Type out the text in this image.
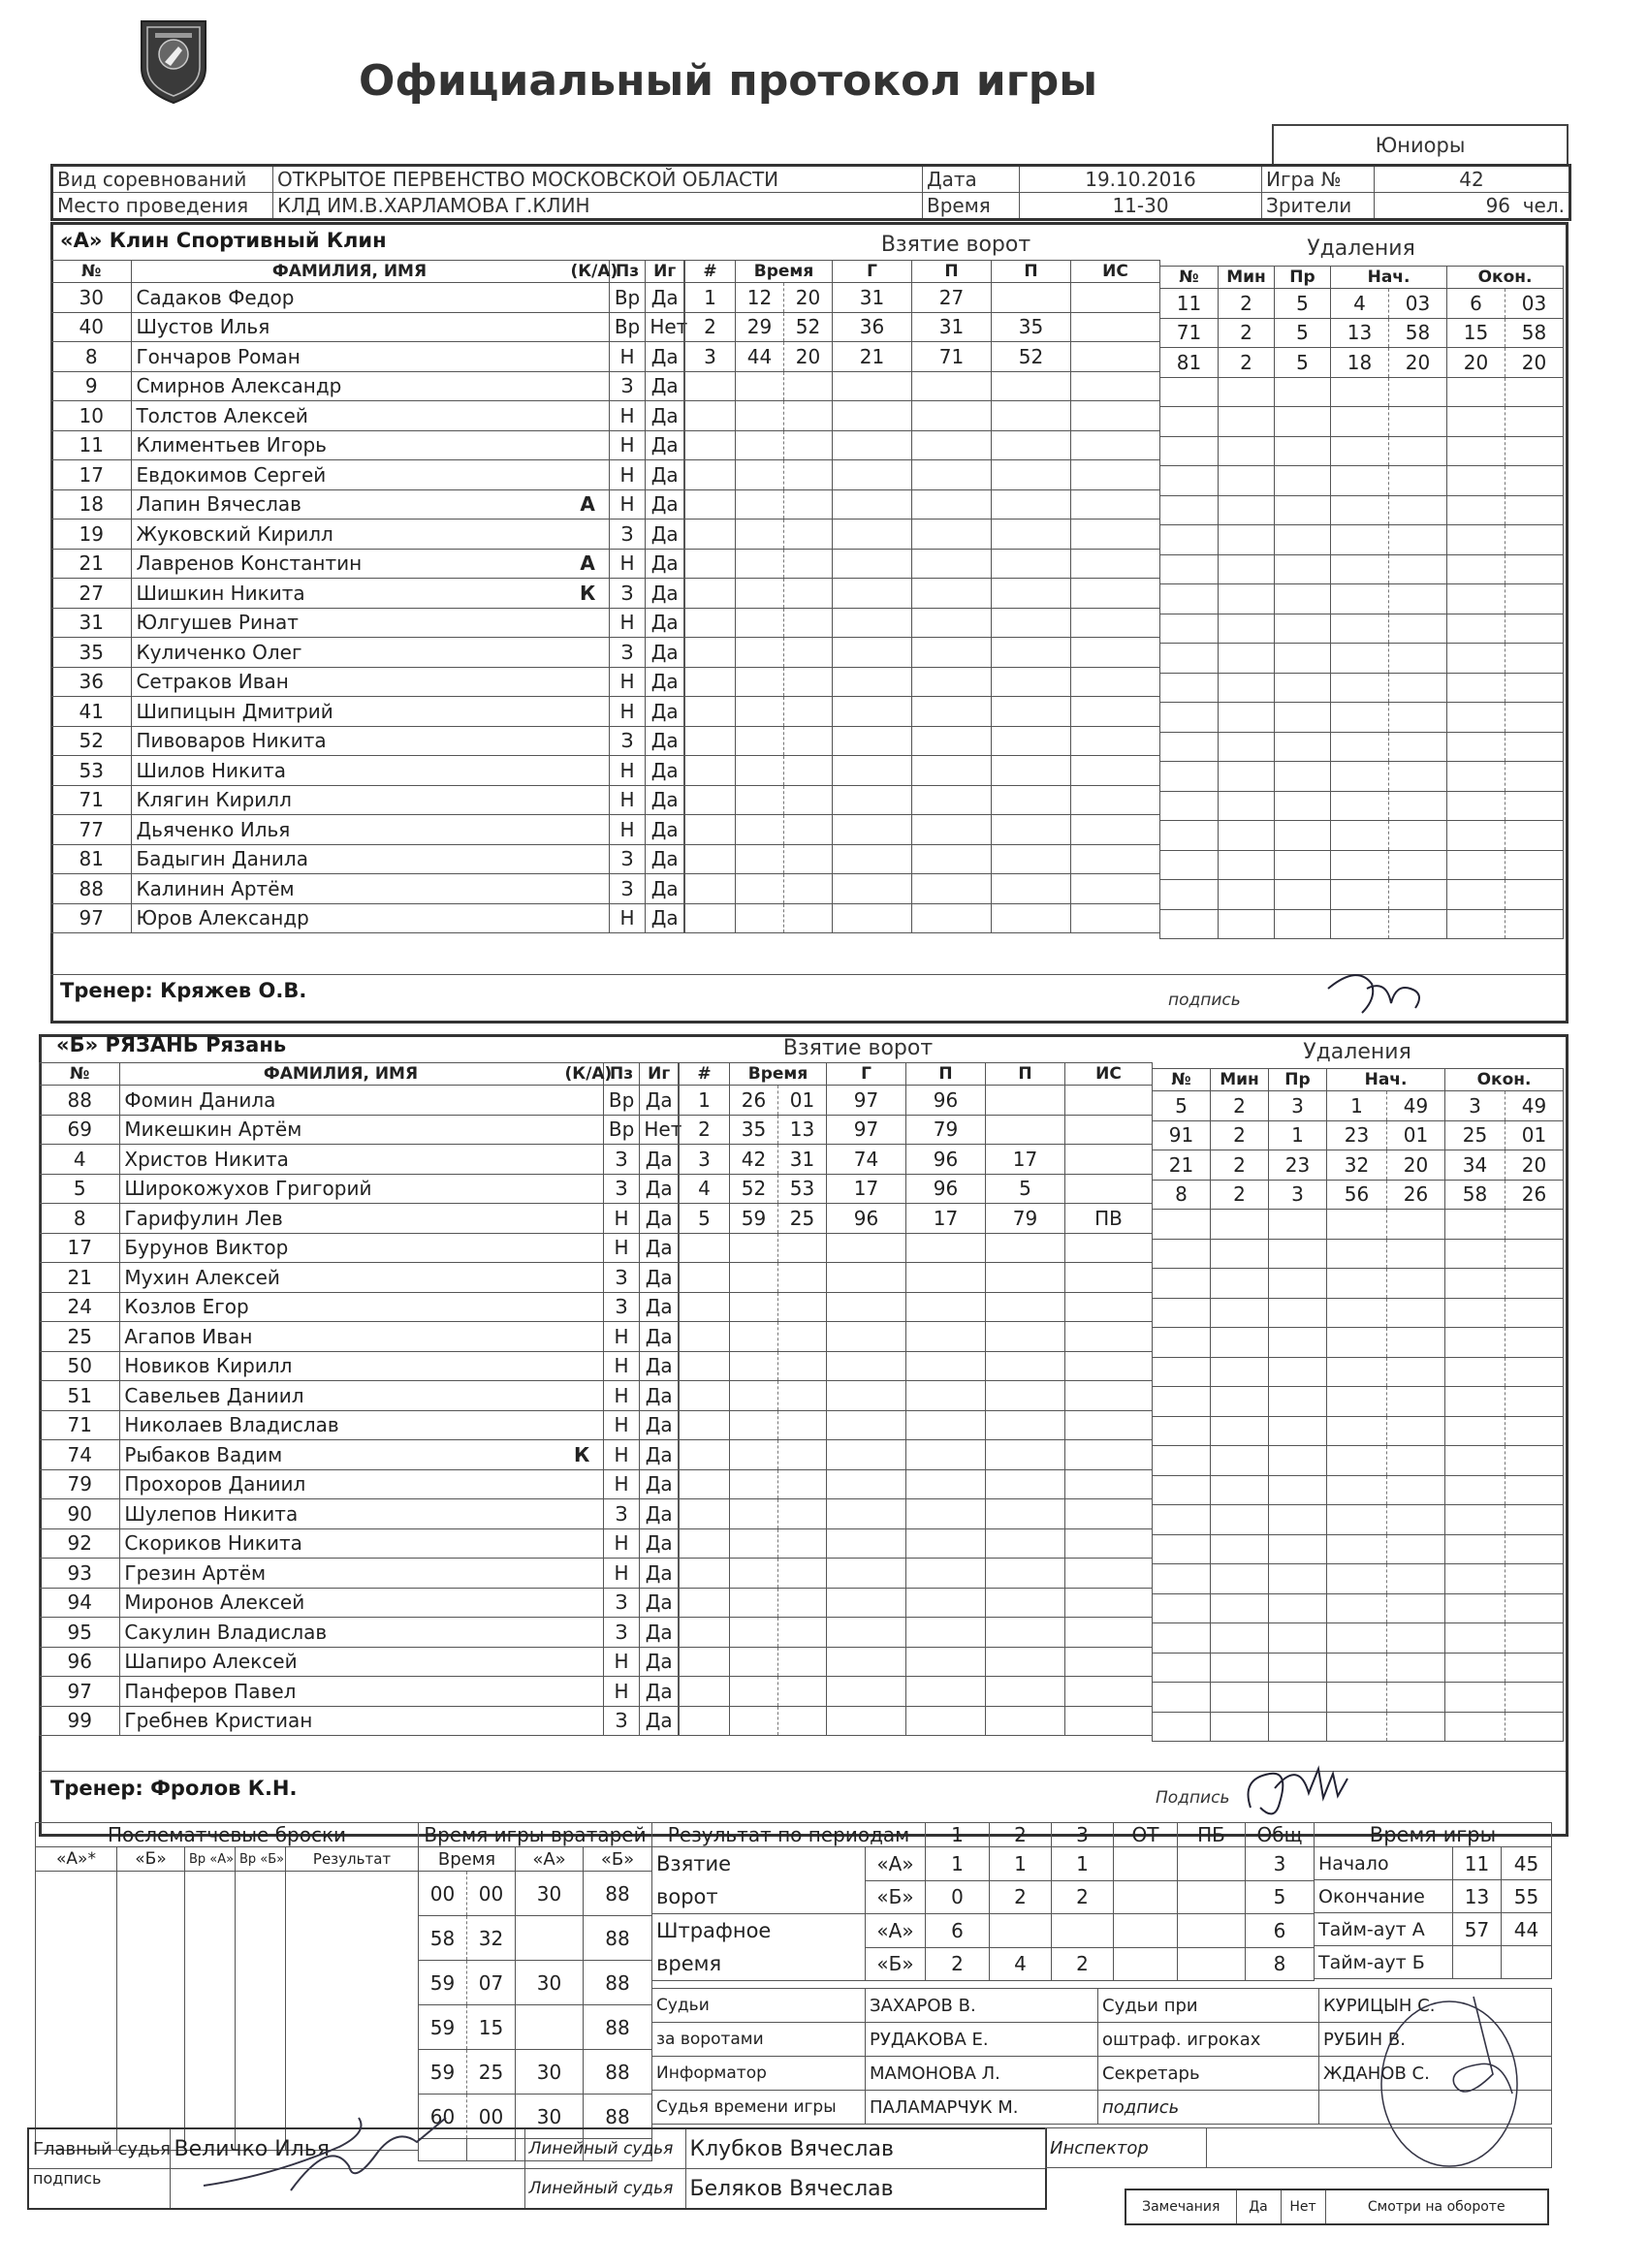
Официальный протокол игры
Юниоры
Вид соревнований	ОТКРЫТОЕ ПЕРВЕНСТВО МОСКОВСКОЙ ОБЛАСТИ	Дата	19.10.2016	Игра №	42
Место проведения	КЛД ИМ.В.ХАРЛАМОВА Г.КЛИН	Время	11-30	Зрители	96 чел.
«А» Клин Спортивный Клин	Взятие ворот	Удаления
№	ФАМИЛИЯ, ИМЯ	(К/А)	Пз	Иг
30	Садаков Федор		Вр	Да
40	Шустов Илья		Вр	Нет
8	Гончаров Роман		Н	Да
9	Смирнов Александр		З	Да
10	Толстов Алексей		Н	Да
11	Климентьев Игорь		Н	Да
17	Евдокимов Сергей		Н	Да
18	Лапин Вячеслав	А	Н	Да
19	Жуковский Кирилл		З	Да
21	Лавренов Константин	А	Н	Да
27	Шишкин Никита	К	З	Да
31	Юлгушев Ринат		Н	Да
35	Куличенко Олег		З	Да
36	Сетраков Иван		Н	Да
41	Шипицын Дмитрий		Н	Да
52	Пивоваров Никита		З	Да
53	Шилов Никита		Н	Да
71	Клягин Кирилл		Н	Да
77	Дьяченко Илья		Н	Да
81	Бадыгин Данила		З	Да
88	Калинин Артём		З	Да
97	Юров Александр		Н	Да
#	Время		Г	П	П	ИС
1	12	20	31	27		
2	29	52	36	31	35	
3	44	20	21	71	52	

№	Мин	Пр	Нач.		Окон.	
11	2	5	4	03	6	03
71	2	5	13	58	15	58
81	2	5	18	20	20	20

Тренер: Кряжев О.В.	подпись
«Б» РЯЗАНЬ Рязань	Взятие ворот	Удаления
№	ФАМИЛИЯ, ИМЯ	(К/А)	Пз	Иг
88	Фомин Данила		Вр	Да
69	Микешкин Артём		Вр	Нет
4	Христов Никита		З	Да
5	Широкожухов Григорий		З	Да
8	Гарифулин Лев		Н	Да
17	Бурунов Виктор		Н	Да
21	Мухин Алексей		З	Да
24	Козлов Егор		З	Да
25	Агапов Иван		Н	Да
50	Новиков Кирилл		Н	Да
51	Савельев Даниил		Н	Да
71	Николаев Владислав		Н	Да
74	Рыбаков Вадим	К	Н	Да
79	Прохоров Даниил		Н	Да
90	Шулепов Никита		З	Да
92	Скориков Никита		Н	Да
93	Грезин Артём		Н	Да
94	Миронов Алексей		З	Да
95	Сакулин Владислав		З	Да
96	Шапиро Алексей		Н	Да
97	Панферов Павел		Н	Да
99	Гребнев Кристиан		З	Да
#	Время		Г	П	П	ИС
1	26	01	97	96		
2	35	13	97	79		
3	42	31	74	96	17	
4	52	53	17	96	5	
5	59	25	96	17	79	ПВ

№	Мин	Пр	Нач.		Окон.	
5	2	3	1	49	3	49
91	2	1	23	01	25	01
21	2	23	32	20	34	20
8	2	3	56	26	58	26

Тренер: Фролов К.Н.	Подпись
Послематчевые броски				
«А»*	«Б»	Вр «А»	Вр «Б»	Результат

Время игры вратарей			
Время		«А»	«Б»
00	00	30	88
58	32		88
59	07	30	88
59	15		88
59	25	30	88
60	00	30	88

Результат по периодам		1	2	3	ОТ	ПБ	Общ
Взятие	«А»	1	1	1			3
ворот	«Б»	0	2	2			5
Штрафное	«А»	6					6
время	«Б»	2	4	2			8
Время игры		
Начало	11	45
Окончание	13	55
Тайм-аут А	57	44
Тайм-аут Б		
Судьи	ЗАХАРОВ В.	Судьи при	КУРИЦЫН С.
за воротами	РУДАКОВА Е.	оштраф. игроках	РУБИН В.
Информатор	МАМОНОВА Л.	Секретарь	ЖДАНОВ С.
Судья времени игры	ПАЛАМАРЧУК М.	подпись	
Главный судья	Величко Илья	Линейный судья	Клубков Вячеслав
подпись		Линейный судья	Беляков Вячеслав
Инспектор	
Замечания	Да	Нет	Смотри на обороте
